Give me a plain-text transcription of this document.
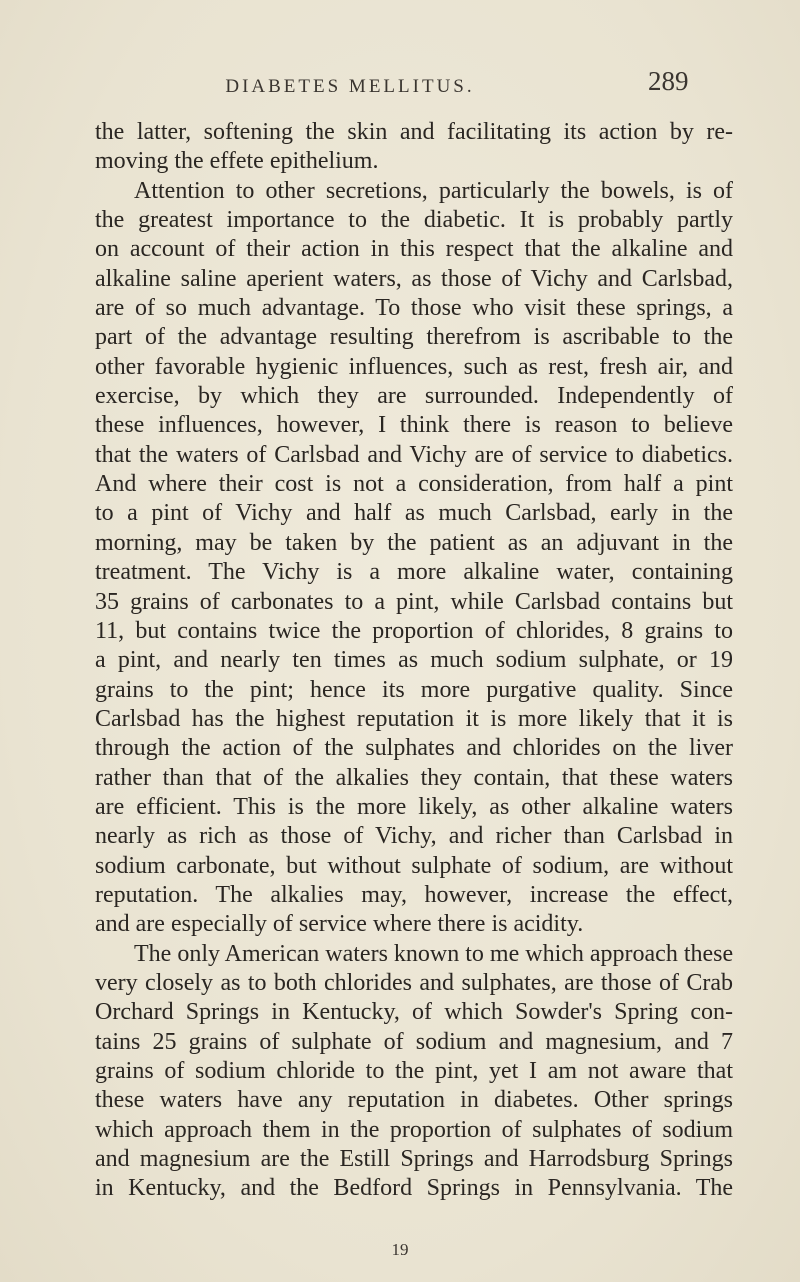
DIABETES MELLITUS.	289
the latter, softening the skin and facilitating its action by re-
moving the effete epithelium.
Attention to other secretions, particularly the bowels, is of
the greatest importance to the diabetic. It is probably partly
on account of their action in this respect that the alkaline and
alkaline saline aperient waters, as those of Vichy and Carlsbad,
are of so much advantage. To those who visit these springs, a
part of the advantage resulting therefrom is ascribable to the
other favorable hygienic influences, such as rest, fresh air, and
exercise, by which they are surrounded. Independently of
these influences, however, I think there is reason to believe
that the waters of Carlsbad and Vichy are of service to diabetics.
And where their cost is not a consideration, from half a pint
to a pint of Vichy and half as much Carlsbad, early in the
morning, may be taken by the patient as an adjuvant in the
treatment. The Vichy is a more alkaline water, containing
35 grains of carbonates to a pint, while Carlsbad contains but
11, but contains twice the proportion of chlorides, 8 grains to
a pint, and nearly ten times as much sodium sulphate, or 19
grains to the pint; hence its more purgative quality. Since
Carlsbad has the highest reputation it is more likely that it is
through the action of the sulphates and chlorides on the liver
rather than that of the alkalies they contain, that these waters
are efficient. This is the more likely, as other alkaline waters
nearly as rich as those of Vichy, and richer than Carlsbad in
sodium carbonate, but without sulphate of sodium, are without
reputation. The alkalies may, however, increase the effect,
and are especially of service where there is acidity.
The only American waters known to me which approach these
very closely as to both chlorides and sulphates, are those of Crab
Orchard Springs in Kentucky, of which Sowder's Spring con-
tains 25 grains of sulphate of sodium and magnesium, and 7
grains of sodium chloride to the pint, yet I am not aware that
these waters have any reputation in diabetes. Other springs
which approach them in the proportion of sulphates of sodium
and magnesium are the Estill Springs and Harrodsburg Springs
in Kentucky, and the Bedford Springs in Pennsylvania. The
19
